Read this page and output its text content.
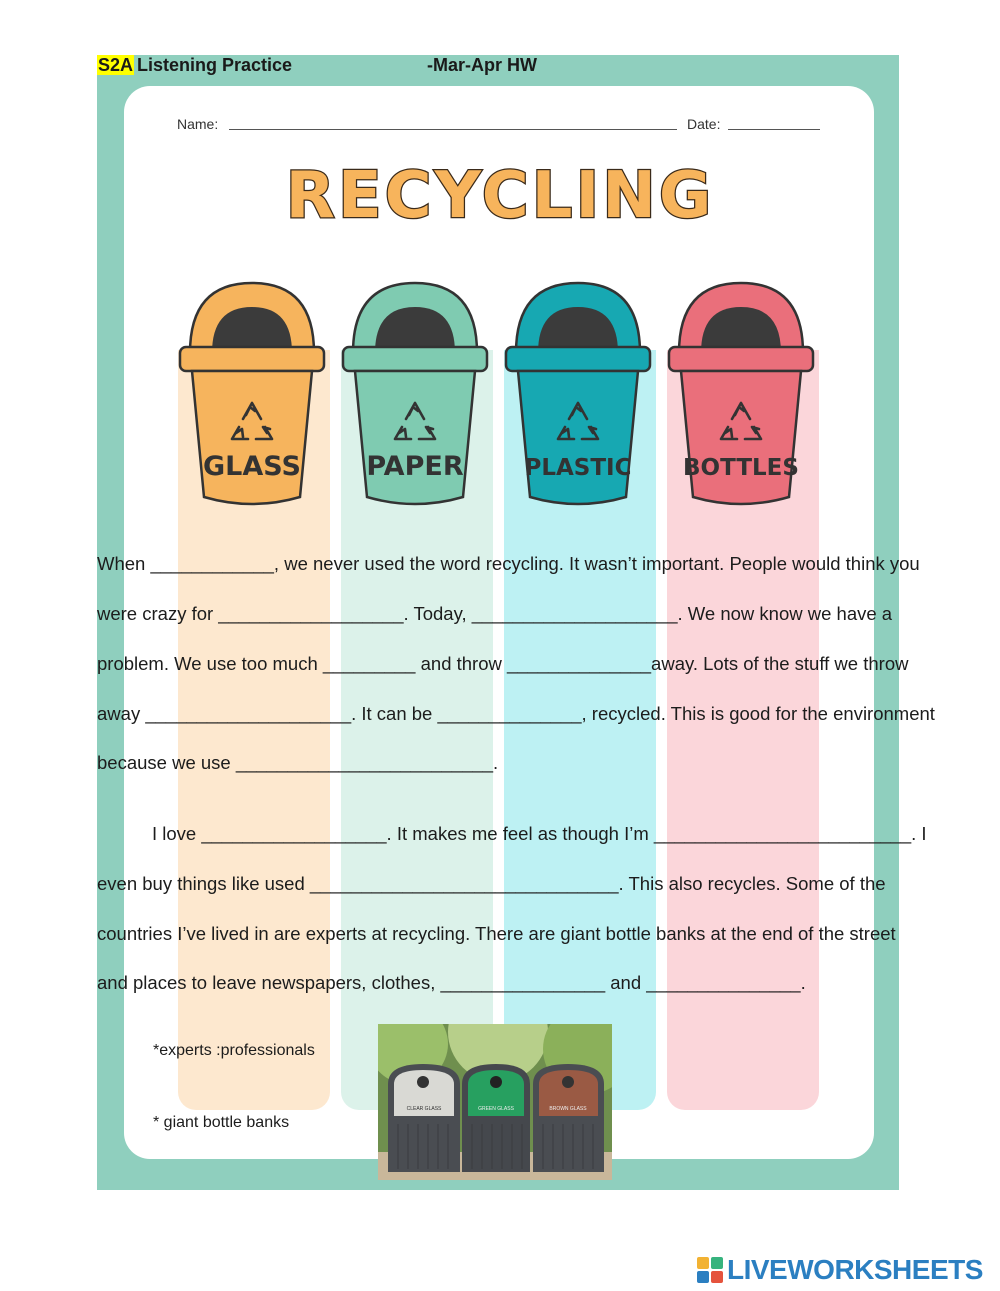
S2A Listening Practice	-Mar-Apr HW
Name:	Date:
RECYCLING
GLASS PAPER	PLASTIC BOTTLES
When ____________, we never used the word recycling. It wasn’t important. People would think you
were crazy for __________________. Today, ____________________. We now know we have a
problem. We use too much _________ and throw ______________away. Lots of the stuff we throw
away ____________________. It can be ______________, recycled. This is good for the environment
because we use _________________________.
I love __________________. It makes me feel as though I’m _________________________. I
even buy things like used ______________________________. This also recycles. Some of the
countries I’ve lived in are experts at recycling. There are giant bottle banks at the end of the street
and places to leave newspapers, clothes, ________________ and _______________.
*experts :professionals
* giant bottle banks
CLEAR GLASS	GREEN GLASS	BROWN GLASS
LIVEWORKSHEETS
